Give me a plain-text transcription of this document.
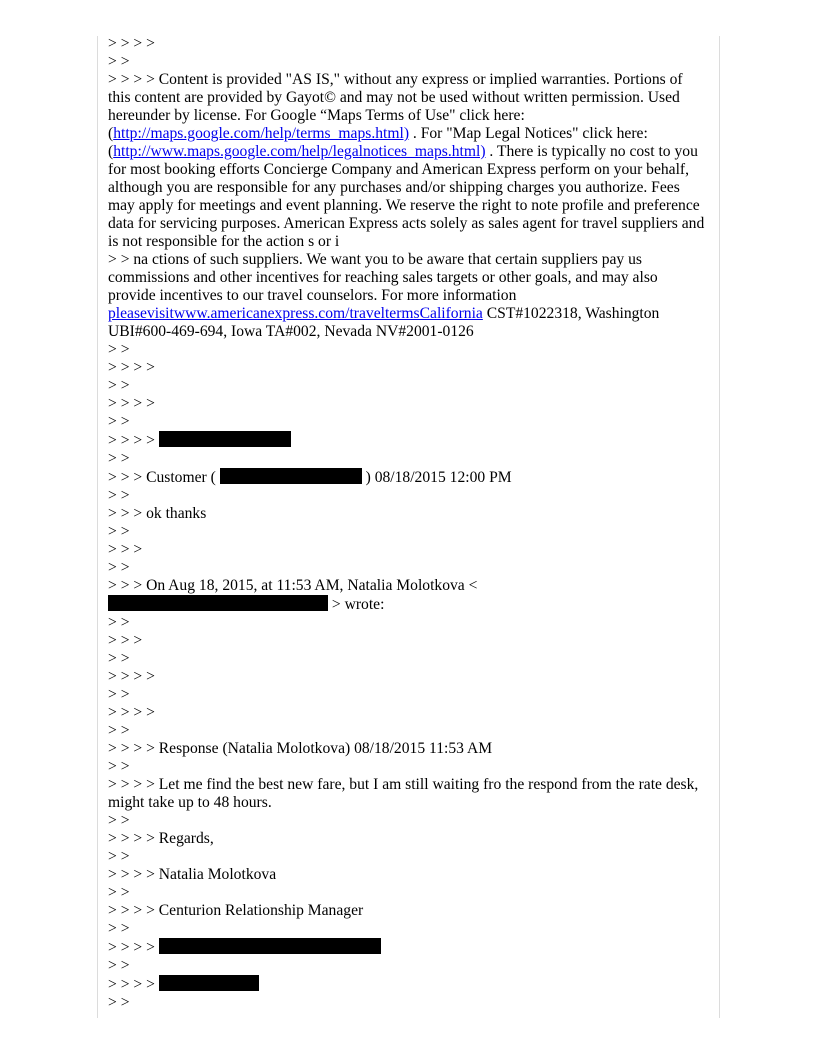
> > > >
> >
> > > > Content is provided "AS IS," without any express or implied warranties. Portions of this content are provided by Gayot© and may not be used without written permission. Used hereunder by license. For Google “Maps Terms of Use" click here:
(http://maps.google.com/help/terms_maps.html) . For "Map Legal Notices" click here:
(http://www.maps.google.com/help/legalnotices_maps.html) . There is typically no cost to you for most booking efforts Concierge Company and American Express perform on your behalf, although you are responsible for any purchases and/or shipping charges you authorize. Fees may apply for meetings and event planning. We reserve the right to note profile and preference data for servicing purposes. American Express acts solely as sales agent for travel suppliers and is not responsible for the action s or i
> > na ctions of such suppliers. We want you to be aware that certain suppliers pay us commissions and other incentives for reaching sales targets or other goals, and may also provide incentives to our travel counselors. For more information
pleasevisitwww.americanexpress.com/traveltermsCalifornia CST#1022318, Washington UBI#600-469-694, Iowa TA#002, Nevada NV#2001-0126
> >
> > > >
> >
> > > >
> >
> > > >
> >
> > > Customer (	) 08/18/2015 12:00 PM
> >
> > > ok thanks
> >
> > >
> >
> > > On Aug 18, 2015, at 11:53 AM, Natalia Molotkova <
> wrote:
> >
> > >
> >
> > > >
> >
> > > >
> >
> > > > Response (Natalia Molotkova) 08/18/2015 11:53 AM
> >
> > > > Let me find the best new fare, but I am still waiting fro the respond from the rate desk, might take up to 48 hours.
> >
> > > > Regards,
> >
> > > > Natalia Molotkova
> >
> > > > Centurion Relationship Manager
> >
> > > >
> >
> > > >
> >
